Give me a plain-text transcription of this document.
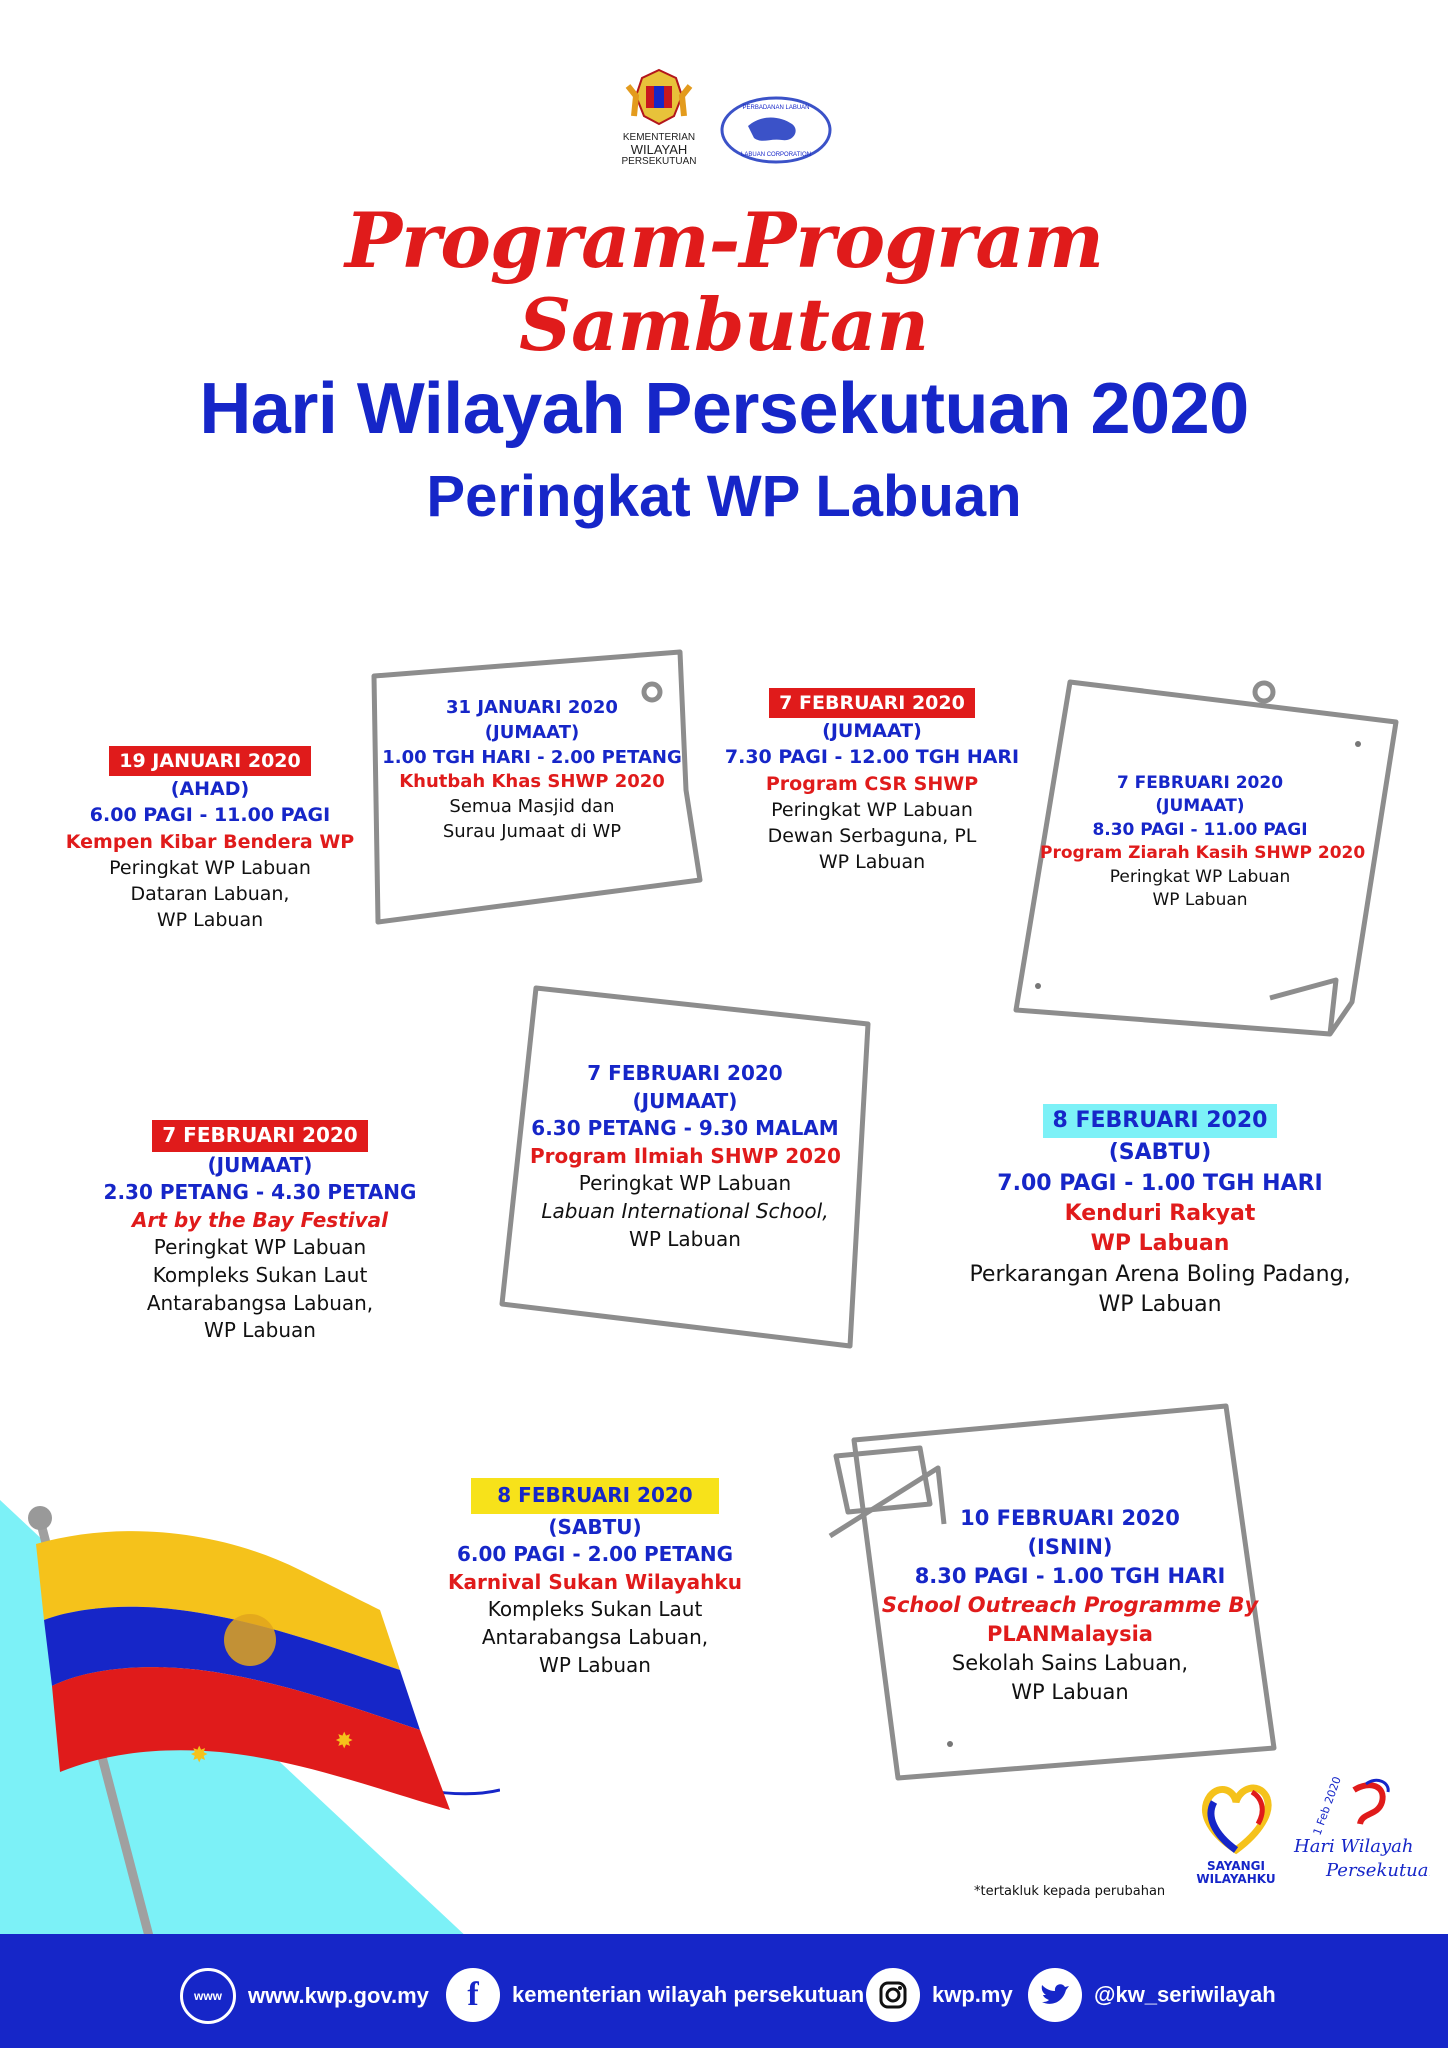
✸
✸
KEMENTERIAN
WILAYAH
PERSEKUTUAN
PERBADANAN LABUAN
LABUAN CORPORATION
Program-Program
Sambutan
Hari Wilayah Persekutuan 2020
Peringkat WP Labuan
19 JANUARI 2020
(AHAD)
6.00 PAGI - 11.00 PAGI
Kempen Kibar Bendera WP
Peringkat WP Labuan
Dataran Labuan,
WP Labuan
31 JANUARI 2020
(JUMAAT)
1.00 TGH HARI - 2.00 PETANG
Khutbah Khas SHWP 2020
Semua Masjid dan
Surau Jumaat di WP
7 FEBRUARI 2020
(JUMAAT)
7.30 PAGI - 12.00 TGH HARI
Program CSR SHWP
Peringkat WP Labuan
Dewan Serbaguna, PL
WP Labuan
7 FEBRUARI 2020
(JUMAAT)
8.30 PAGI - 11.00 PAGI
Program Ziarah Kasih SHWP 2020
Peringkat WP Labuan
WP Labuan
7 FEBRUARI 2020
(JUMAAT)
2.30 PETANG - 4.30 PETANG
Art by the Bay Festival
Peringkat WP Labuan
Kompleks Sukan Laut
Antarabangsa Labuan,
WP Labuan
7 FEBRUARI 2020
(JUMAAT)
6.30 PETANG - 9.30 MALAM
Program Ilmiah SHWP 2020
Peringkat WP Labuan
Labuan International School,
WP Labuan
8 FEBRUARI 2020
(SABTU)
7.00 PAGI - 1.00 TGH HARI
Kenduri Rakyat
WP Labuan
Perkarangan Arena Boling Padang,
WP Labuan
8 FEBRUARI 2020
(SABTU)
6.00 PAGI - 2.00 PETANG
Karnival Sukan Wilayahku
Kompleks Sukan Laut
Antarabangsa Labuan,
WP Labuan
10 FEBRUARI 2020
(ISNIN)
8.30 PAGI - 1.00 TGH HARI
School Outreach Programme By
PLANMalaysia
Sekolah Sains Labuan,
WP Labuan
*tertakluk kepada perubahan
SAYANGI
WILAYAHKU
1 Feb 2020
Hari Wilayah
Persekutuan
www	www.kwp.gov.my	f	kementerian wilayah persekutuan	kwp.my	@kw_seriwilayah
